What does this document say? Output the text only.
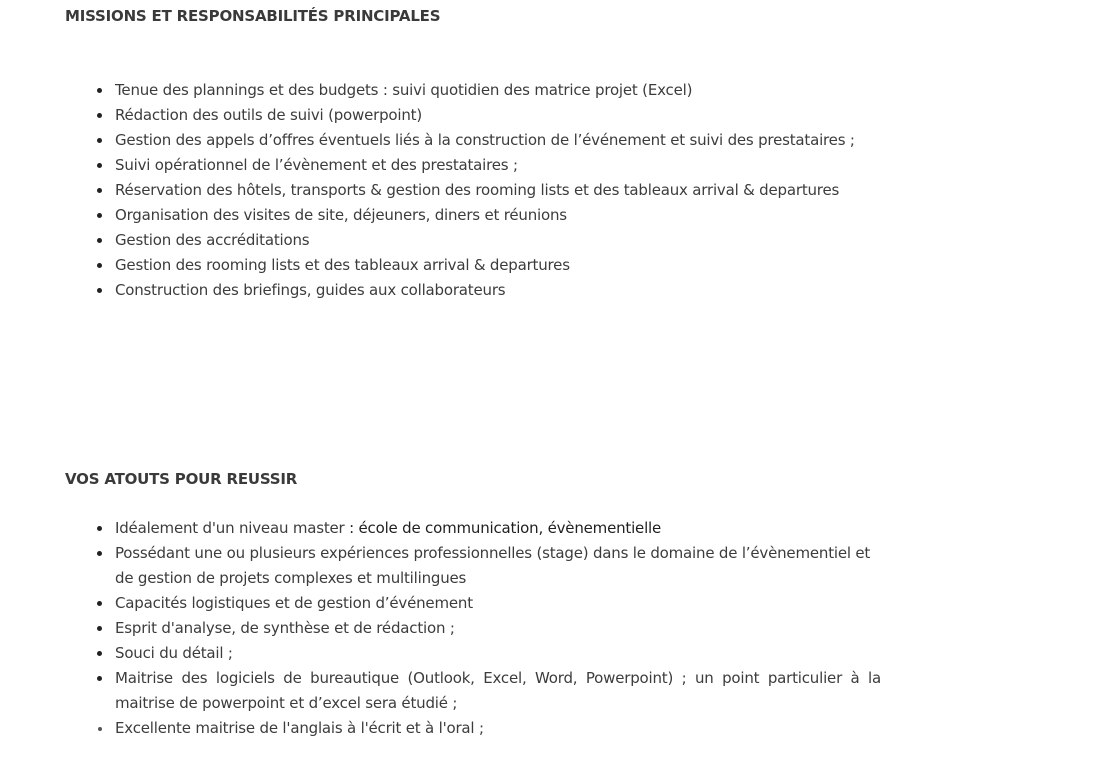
MISSIONS ET RESPONSABILITÉS PRINCIPALES
Tenue des plannings et des budgets : suivi quotidien des matrice projet (Excel)
Rédaction des outils de suivi (powerpoint)
Gestion des appels d’offres éventuels liés à la construction de l’événement et suivi des prestataires ;
Suivi opérationnel de l’évènement et des prestataires ;
Réservation des hôtels, transports & gestion des rooming lists et des tableaux arrival & departures
Organisation des visites de site, déjeuners, diners et réunions
Gestion des accréditations
Gestion des rooming lists et des tableaux arrival & departures
Construction des briefings, guides aux collaborateurs
VOS ATOUTS POUR REUSSIR
Idéalement d'un niveau master : école de communication, évènementielle
Possédant une ou plusieurs expériences professionnelles (stage) dans le domaine de l’évènementiel et de gestion de projets complexes et multilingues
Capacités logistiques et de gestion d’événement
Esprit d'analyse, de synthèse et de rédaction ;
Souci du détail ;
Maitrise des logiciels de bureautique (Outlook, Excel, Word, Powerpoint) ; un point particulier à la maitrise de powerpoint et d’excel sera étudié ;
Excellente maitrise de l'anglais à l'écrit et à l'oral ;
